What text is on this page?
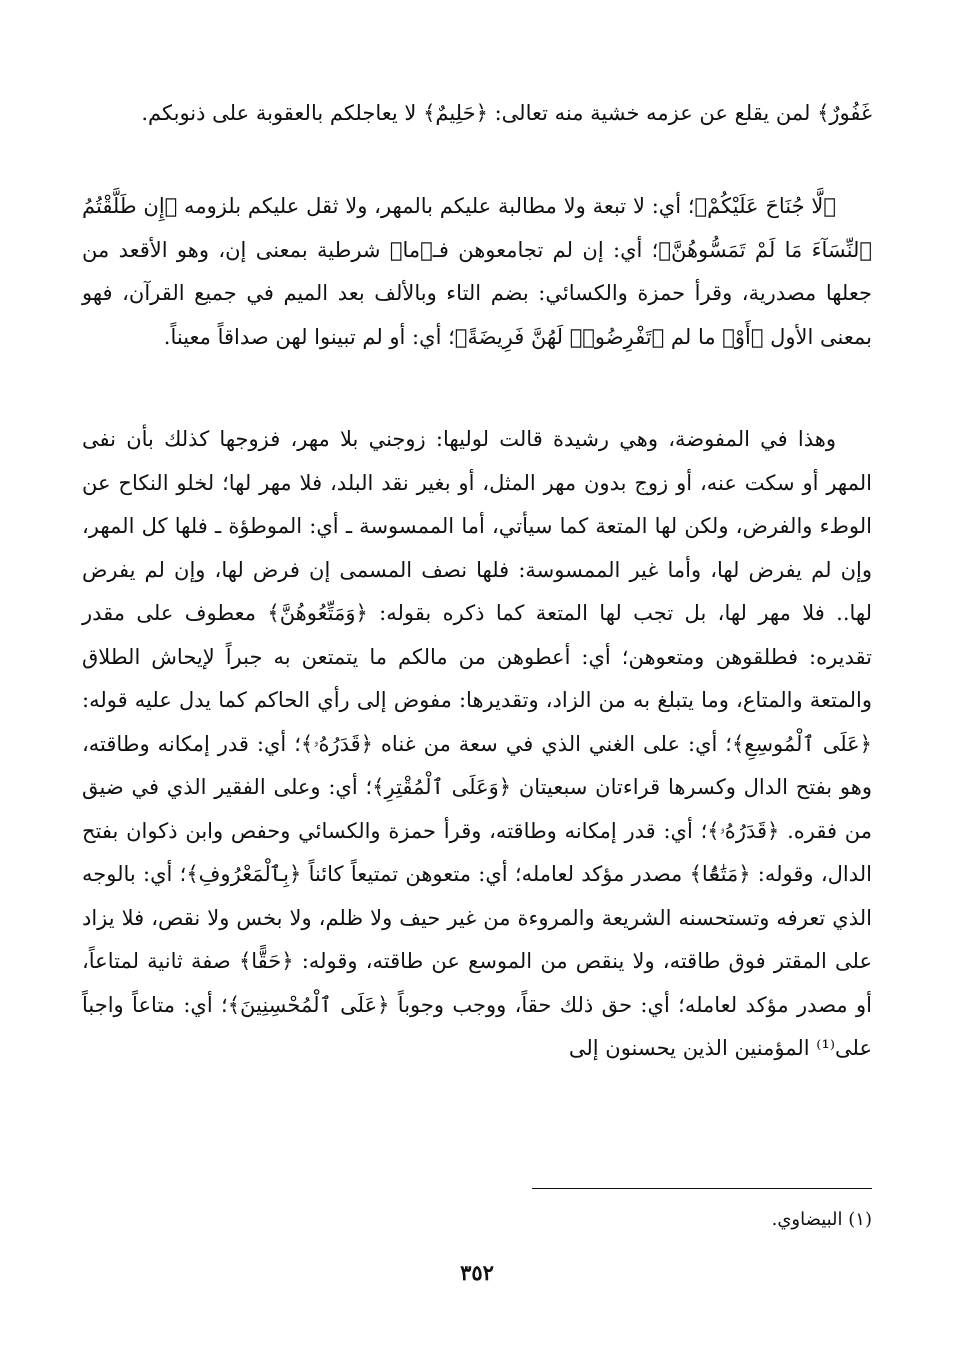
غَفُورٌ﴾ لمن يقلع عن عزمه خشية منه تعالى: ﴿حَلِيمٌ﴾ لا يعاجلكم بالعقوبة على ذنوبكم.

﴿لَّا جُنَاحَ عَلَيْكُمْ﴾؛ أي: لا تبعة ولا مطالبة عليكم بالمهر، ولا ثقل عليكم بلزومه ﴿إِن طَلَّقْتُمُ ٱلنِّسَآءَ مَا لَمْ تَمَسُّوهُنَّ﴾؛ أي: إن لم تجامعوهن فـ﴿ما﴾ شرطية بمعنى إن، وهو الأقعد من جعلها مصدرية، وقرأ حمزة والكسائي: بضم التاء وبالألف بعد الميم في جميع القرآن، فهو بمعنى الأول ﴿أَوْ﴾ ما لم ﴿تَفْرِضُوا۟ لَهُنَّ فَرِيضَةً﴾؛ أي: أو لم تبينوا لهن صداقاً معيناً.

وهذا في المفوضة، وهي رشيدة قالت لوليها: زوجني بلا مهر، فزوجها كذلك بأن نفى المهر أو سكت عنه، أو زوج بدون مهر المثل، أو بغير نقد البلد، فلا مهر لها؛ لخلو النكاح عن الوطء والفرض، ولكن لها المتعة كما سيأتي، أما الممسوسة ـ أي: الموطؤة ـ فلها كل المهر، وإن لم يفرض لها، وأما غير الممسوسة: فلها نصف المسمى إن فرض لها، وإن لم يفرض لها.. فلا مهر لها، بل تجب لها المتعة كما ذكره بقوله: ﴿وَمَتِّعُوهُنَّ﴾ معطوف على مقدر تقديره: فطلقوهن ومتعوهن؛ أي: أعطوهن من مالكم ما يتمتعن به جبراً لإيحاش الطلاق والمتعة والمتاع، وما يتبلغ به من الزاد، وتقديرها: مفوض إلى رأي الحاكم كما يدل عليه قوله: ﴿عَلَى ٱلْمُوسِعِ﴾؛ أي: على الغني الذي في سعة من غناه ﴿قَدَرُهُۥ﴾؛ أي: قدر إمكانه وطاقته، وهو بفتح الدال وكسرها قراءتان سبعيتان ﴿وَعَلَى ٱلْمُقْتِرِ﴾؛ أي: وعلى الفقير الذي في ضيق من فقره. ﴿قَدَرُهُۥ﴾؛ أي: قدر إمكانه وطاقته، وقرأ حمزة والكسائي وحفص وابن ذكوان بفتح الدال، وقوله: ﴿مَتَٰعًۢا﴾ مصدر مؤكد لعامله؛ أي: متعوهن تمتيعاً كائناً ﴿بِٱلْمَعْرُوفِ﴾؛ أي: بالوجه الذي تعرفه وتستحسنه الشريعة والمروءة من غير حيف ولا ظلم، ولا بخس ولا نقص، فلا يزاد على المقتر فوق طاقته، ولا ينقص من الموسع عن طاقته، وقوله: ﴿حَقًّا﴾ صفة ثانية لمتاعاً، أو مصدر مؤكد لعامله؛ أي: حق ذلك حقاً، ووجب وجوباً ﴿عَلَى ٱلْمُحْسِنِينَ﴾؛ أي: متاعاً واجباً على⁽¹⁾ المؤمنين الذين يحسنون إلى

(١) البيضاوي.
٣٥٢
